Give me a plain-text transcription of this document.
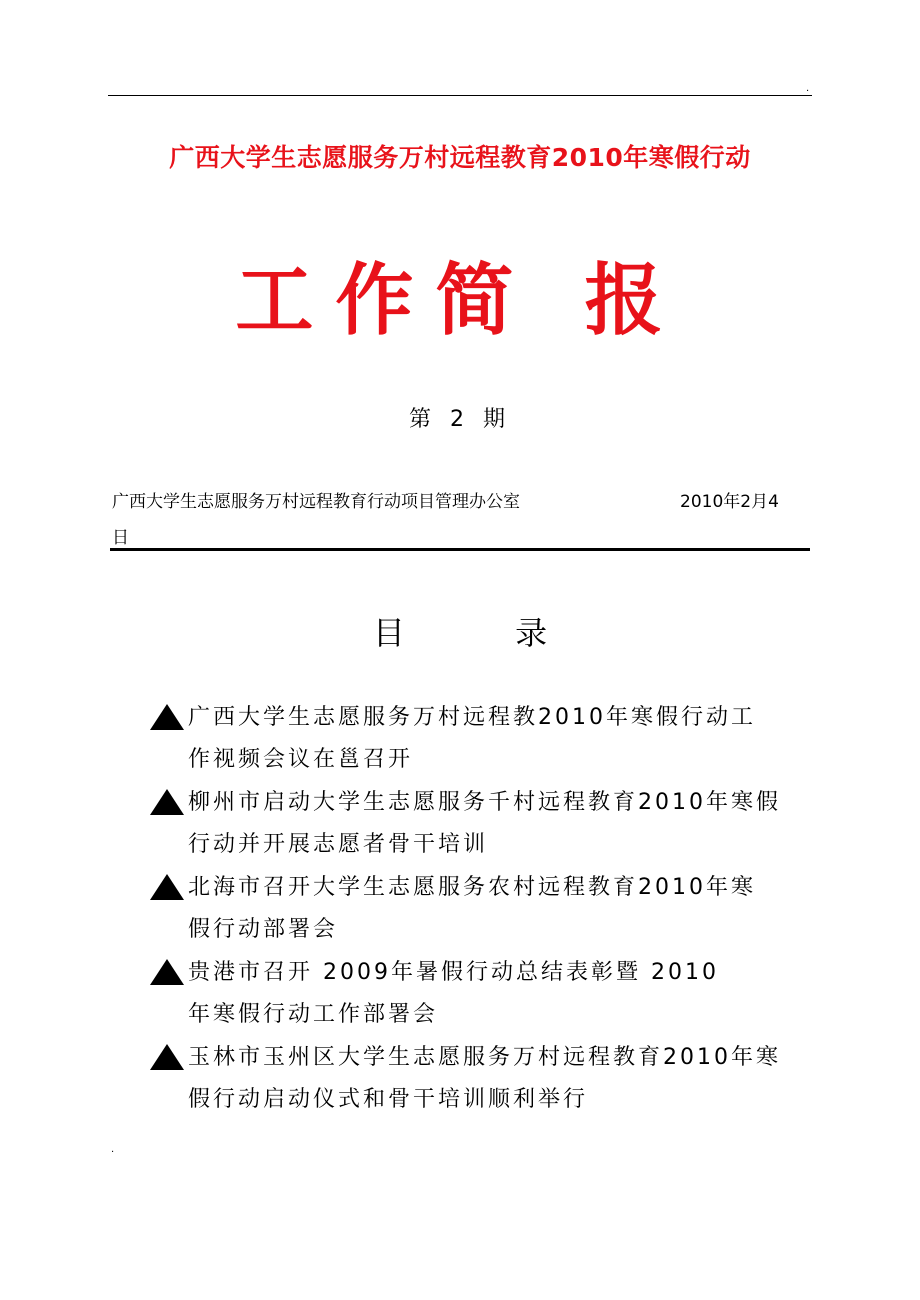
.
广西大学生志愿服务万村远程教育2010年寒假行动
工作简 报
第 2 期
广西大学生志愿服务万村远程教育行动项目管理办公室	2010年2月4
日
目 录
广西大学生志愿服务万村远程教2010年寒假行动工
作视频会议在邕召开
柳州市启动大学生志愿服务千村远程教育2010年寒假
行动并开展志愿者骨干培训
北海市召开大学生志愿服务农村远程教育2010年寒
假行动部署会
贵港市召开 2009年暑假行动总结表彰暨 2010
年寒假行动工作部署会
玉林市玉州区大学生志愿服务万村远程教育2010年寒
假行动启动仪式和骨干培训顺利举行
.
